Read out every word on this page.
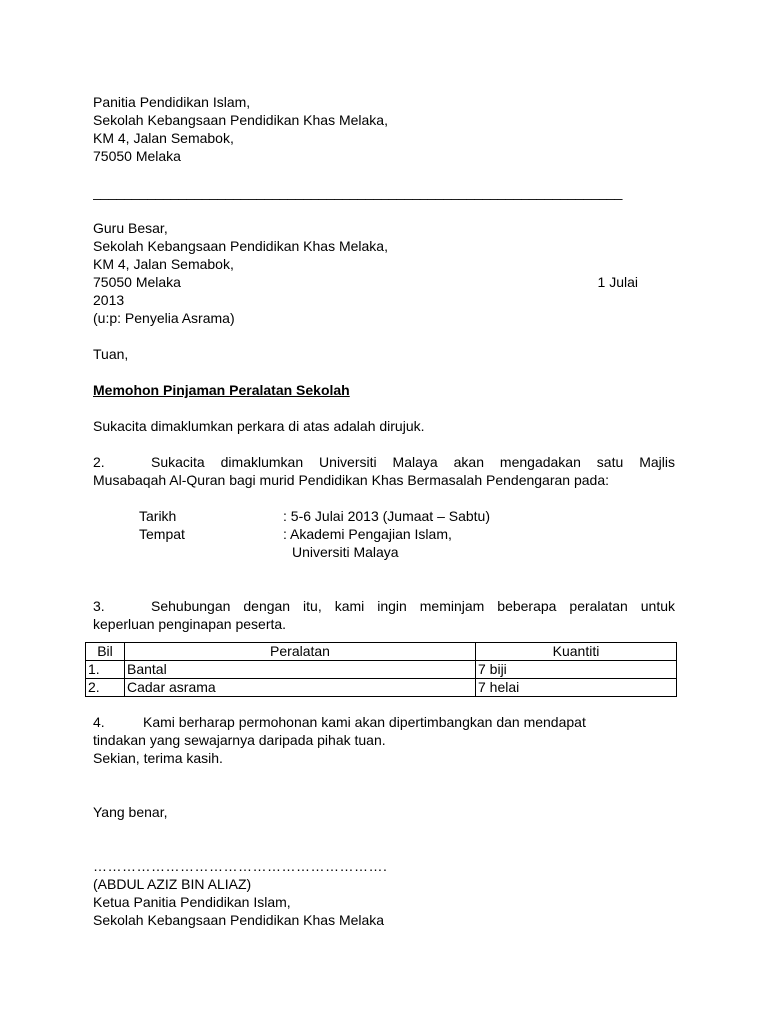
Panitia Pendidikan Islam,
Sekolah Kebangsaan Pendidikan Khas Melaka,
KM 4, Jalan Semabok,
75050 Melaka
____________________________________________________________________
Guru Besar,
Sekolah Kebangsaan Pendidikan Khas Melaka,
KM 4, Jalan Semabok,
75050 Melaka	1 Julai
2013
(u:p: Penyelia Asrama)
Tuan,
Memohon Pinjaman Peralatan Sekolah
Sukacita dimaklumkan perkara di atas adalah dirujuk.
2.	Sukacita dimaklumkan Universiti Malaya akan mengadakan satu Majlis
Musabaqah Al-Quran bagi murid Pendidikan Khas Bermasalah Pendengaran pada:
Tarikh	: 5-6 Julai 2013 (Jumaat – Sabtu)
Tempat	: Akademi Pengajian Islam,
Universiti Malaya
3.	Sehubungan dengan itu, kami ingin meminjam beberapa peralatan untuk
keperluan penginapan peserta.
Bil	Peralatan	Kuantiti
1.	Bantal	7 biji
2.	Cadar asrama	7 helai
4.	Kami berharap permohonan kami akan dipertimbangkan dan mendapat
tindakan yang sewajarnya daripada pihak tuan.
Sekian, terima kasih.
Yang benar,
…………………………………………………….
(ABDUL AZIZ BIN ALIAZ)
Ketua Panitia Pendidikan Islam,
Sekolah Kebangsaan Pendidikan Khas Melaka
